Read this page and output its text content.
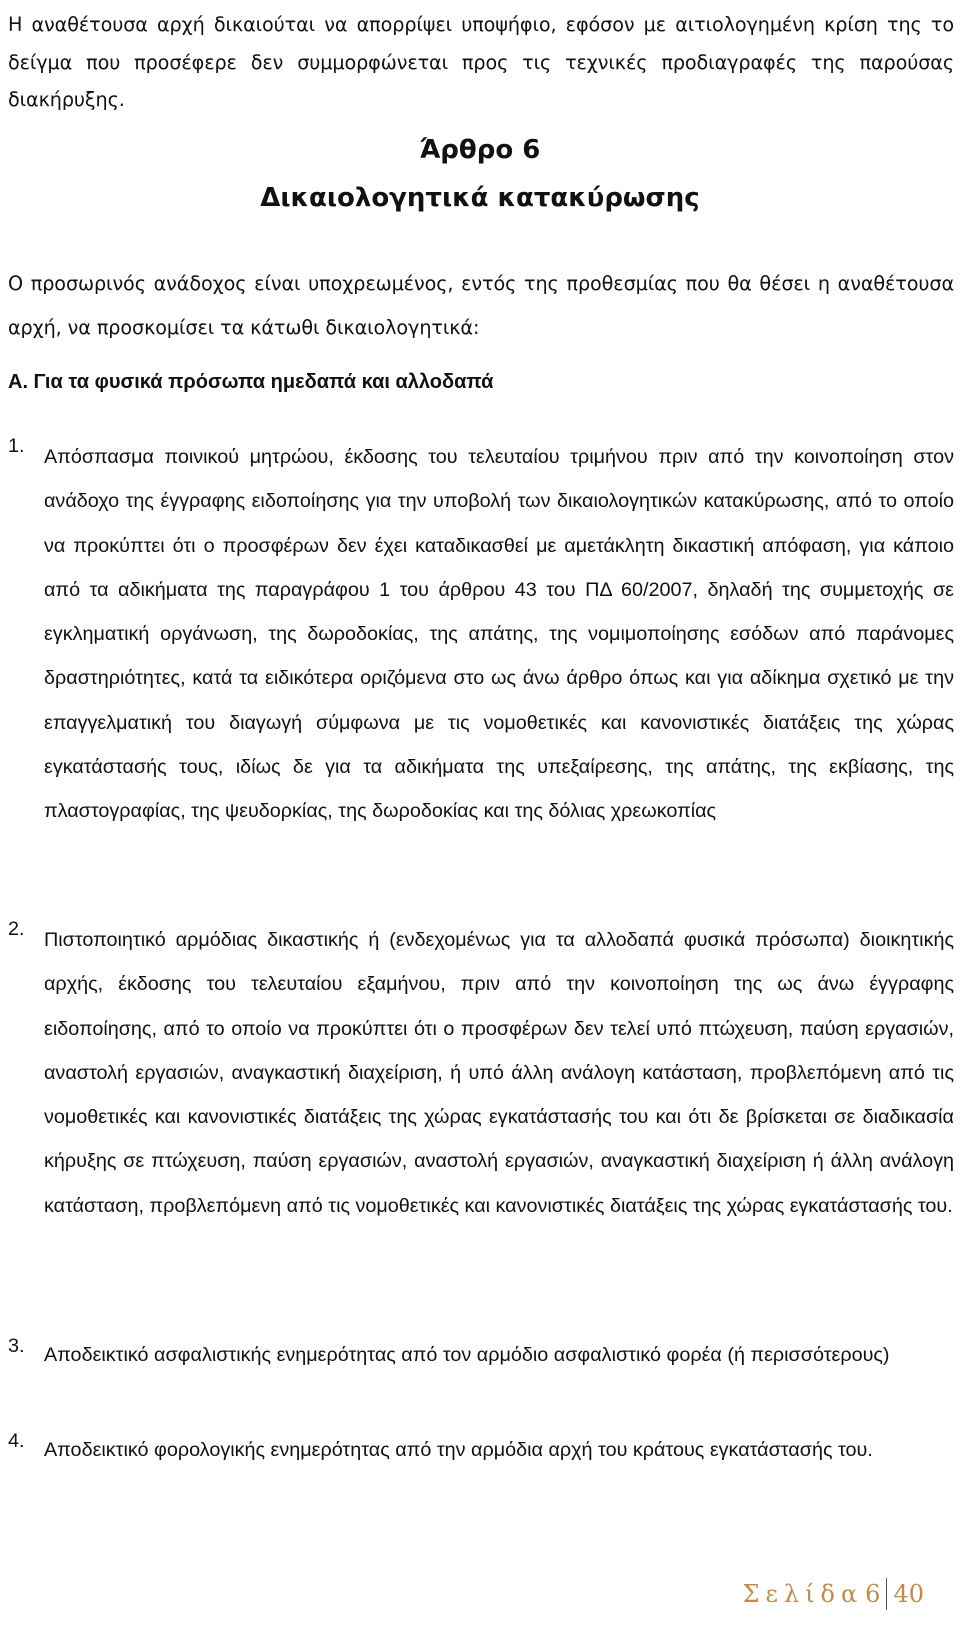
Η αναθέτουσα αρχή δικαιούται να απορρίψει υποψήφιο, εφόσον με αιτιολογημένη κρίση της το δείγμα που προσέφερε δεν συμμορφώνεται προς τις τεχνικές προδιαγραφές της παρούσας διακήρυξης.

Άρθρο 6
Δικαιολογητικά κατακύρωσης

Ο προσωρινός ανάδοχος είναι υποχρεωμένος, εντός της προθεσμίας που θα θέσει η αναθέτουσα αρχή, να προσκομίσει τα κάτωθι δικαιολογητικά:

Α. Για τα φυσικά πρόσωπα ημεδαπά και αλλοδαπά
1. Απόσπασμα ποινικού μητρώου, έκδοσης του τελευταίου τριμήνου πριν από την κοινοποίηση στον ανάδοχο της έγγραφης ειδοποίησης για την υποβολή των δικαιολογητικών κατακύρωσης, από το οποίο να προκύπτει ότι ο προσφέρων δεν έχει καταδικασθεί με αμετάκλητη δικαστική απόφαση, για κάποιο από τα αδικήματα της παραγράφου 1 του άρθρου 43 του ΠΔ 60/2007, δηλαδή της συμμετοχής σε εγκληματική οργάνωση, της δωροδοκίας, της απάτης, της νομιμοποίησης εσόδων από παράνομες δραστηριότητες, κατά τα ειδικότερα οριζόμενα στο ως άνω άρθρο όπως και για αδίκημα σχετικό με την επαγγελματική του διαγωγή σύμφωνα με τις νομοθετικές και κανονιστικές διατάξεις της χώρας εγκατάστασής τους, ιδίως δε για τα αδικήματα της υπεξαίρεσης, της απάτης, της εκβίασης, της πλαστογραφίας, της ψευδορκίας, της δωροδοκίας και της δόλιας χρεωκοπίας

2. Πιστοποιητικό αρμόδιας δικαστικής ή (ενδεχομένως για τα αλλοδαπά φυσικά πρόσωπα) διοικητικής αρχής, έκδοσης του τελευταίου εξαμήνου, πριν από την κοινοποίηση της ως άνω έγγραφης ειδοποίησης, από το οποίο να προκύπτει ότι ο προσφέρων δεν τελεί υπό πτώχευση, παύση εργασιών, αναστολή εργασιών, αναγκαστική διαχείριση, ή υπό άλλη ανάλογη κατάσταση, προβλεπόμενη από τις νομοθετικές και κανονιστικές διατάξεις της χώρας εγκατάστασής του και ότι δε βρίσκεται σε διαδικασία κήρυξης σε πτώχευση, παύση εργασιών, αναστολή εργασιών, αναγκαστική διαχείριση ή άλλη ανάλογη κατάσταση, προβλεπόμενη από τις νομοθετικές και κανονιστικές διατάξεις της χώρας εγκατάστασής του.

3. Αποδεικτικό ασφαλιστικής ενημερότητας από τον αρμόδιο ασφαλιστικό φορέα (ή περισσότερους)

4. Αποδεικτικό φορολογικής ενημερότητας από την αρμόδια αρχή του κράτους εγκατάστασής του.

Σελίδα 6 40
